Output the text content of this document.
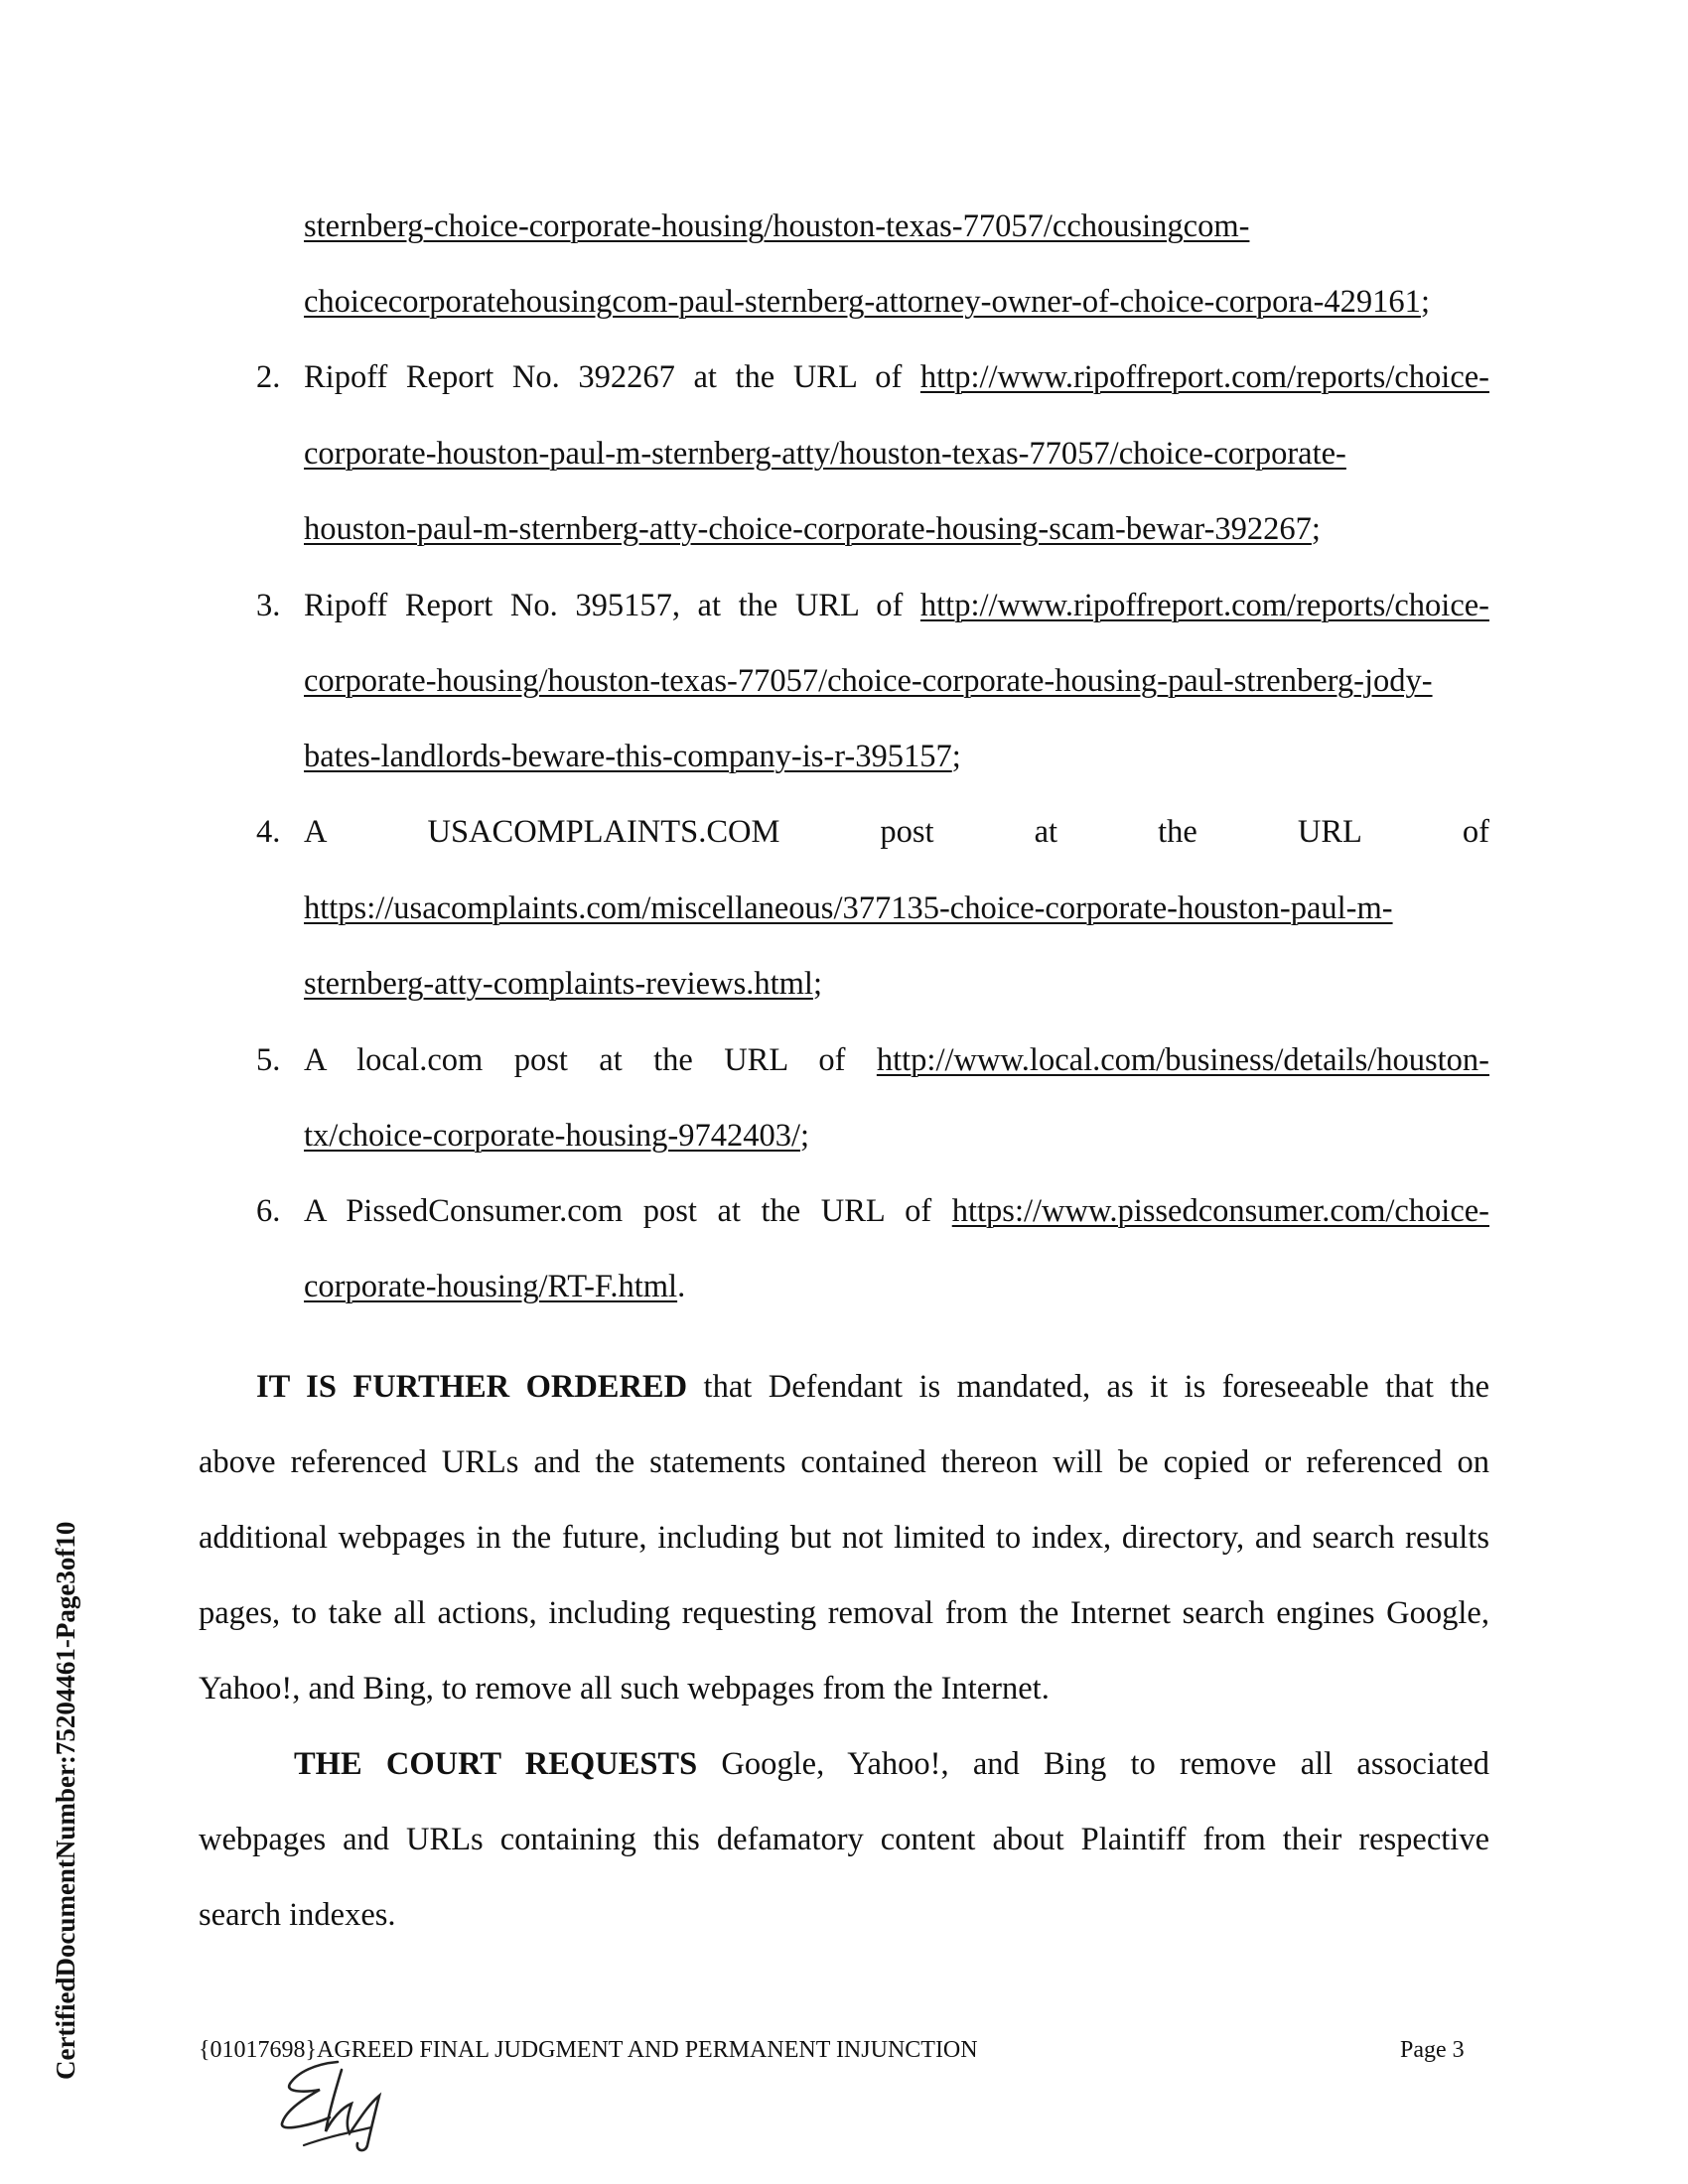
sternberg-choice-corporate-housing/houston-texas-77057/cchousingcom-
choicecorporatehousingcom-paul-sternberg-attorney-owner-of-choice-corpora-429161;
2. Ripoff Report No. 392267 at the URL of http://www.ripoffreport.com/reports/choice-
corporate-houston-paul-m-sternberg-atty/houston-texas-77057/choice-corporate-
houston-paul-m-sternberg-atty-choice-corporate-housing-scam-bewar-392267;
3. Ripoff Report No. 395157, at the URL of http://www.ripoffreport.com/reports/choice-
corporate-housing/houston-texas-77057/choice-corporate-housing-paul-strenberg-jody-
bates-landlords-beware-this-company-is-r-395157;
4. A	USACOMPLAINTS.COM	post	at	the	URL	of
https://usacomplaints.com/miscellaneous/377135-choice-corporate-houston-paul-m-
sternberg-atty-complaints-reviews.html;
5. A local.com post at the URL of http://www.local.com/business/details/houston-
tx/choice-corporate-housing-9742403/;
6. A PissedConsumer.com post at the URL of https://www.pissedconsumer.com/choice-
corporate-housing/RT-F.html.
IT IS FURTHER ORDERED that Defendant is mandated, as it is foreseeable that the
above referenced URLs and the statements contained thereon will be copied or referenced on
additional webpages in the future, including but not limited to index, directory, and search results
pages, to take all actions, including requesting removal from the Internet search engines Google,
Yahoo!, and Bing, to remove all such webpages from the Internet.
THE COURT REQUESTS Google, Yahoo!, and Bing to remove all associated
webpages and URLs containing this defamatory content about Plaintiff from their respective
search indexes.
{01017698}AGREED FINAL JUDGMENT AND PERMANENT INJUNCTION	Page 3
CertifiedDocumentNumber:75204461-Page3of10
